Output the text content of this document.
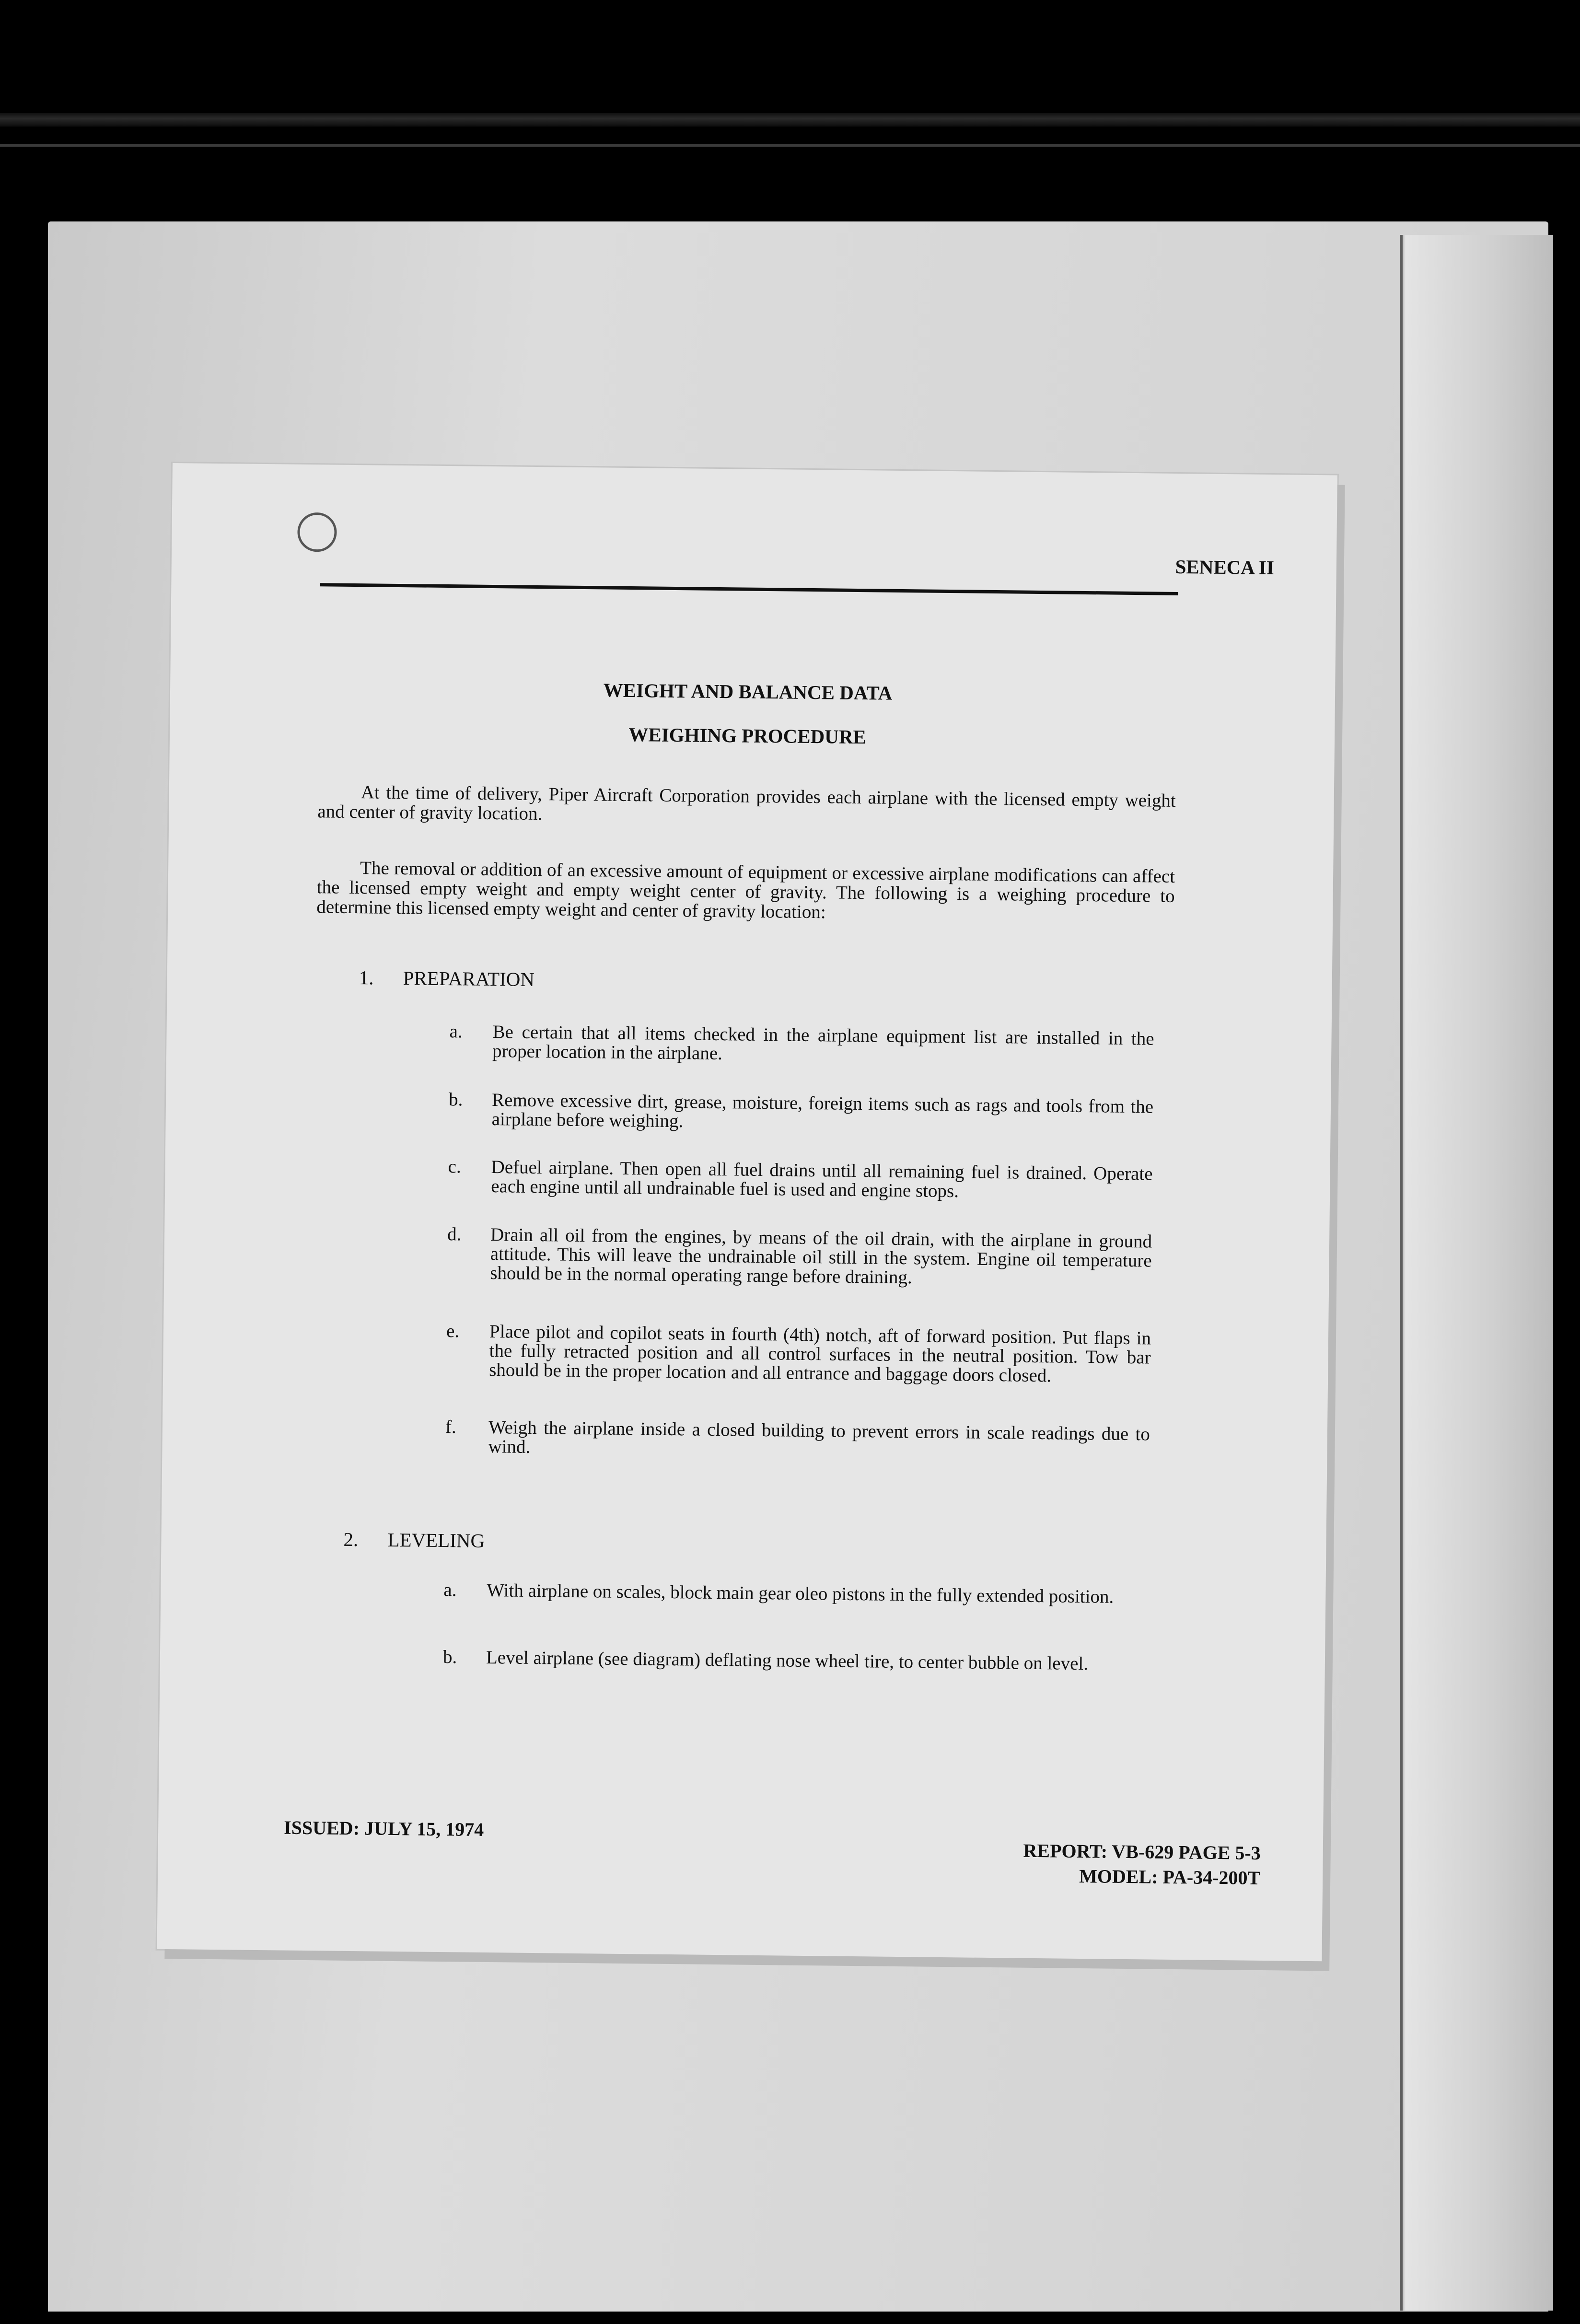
SENECA II
WEIGHT AND BALANCE DATA
WEIGHING PROCEDURE

At the time of delivery, Piper Aircraft Corporation provides each airplane with the licensed empty weight and center of gravity location.

The removal or addition of an excessive amount of equipment or excessive airplane modifications can affect the licensed empty weight and empty weight center of gravity. The following is a weighing procedure to determine this licensed empty weight and center of gravity location:

1. PREPARATION
a. Be certain that all items checked in the airplane equipment list are installed in the proper location in the airplane.
b. Remove excessive dirt, grease, moisture, foreign items such as rags and tools from the airplane before weighing.
c. Defuel airplane. Then open all fuel drains until all remaining fuel is drained. Operate each engine until all undrainable fuel is used and engine stops.
d. Drain all oil from the engines, by means of the oil drain, with the airplane in ground attitude. This will leave the undrainable oil still in the system. Engine oil temperature should be in the normal operating range before draining.
e. Place pilot and copilot seats in fourth (4th) notch, aft of forward position. Put flaps in the fully retracted position and all control surfaces in the neutral position. Tow bar should be in the proper location and all entrance and baggage doors closed.
f. Weigh the airplane inside a closed building to prevent errors in scale readings due to wind.
2. LEVELING
a. With airplane on scales, block main gear oleo pistons in the fully extended position.
b. Level airplane (see diagram) deflating nose wheel tire, to center bubble on level.
ISSUED: JULY 15, 1974
REPORT: VB-629 PAGE 5-3
MODEL: PA-34-200T
